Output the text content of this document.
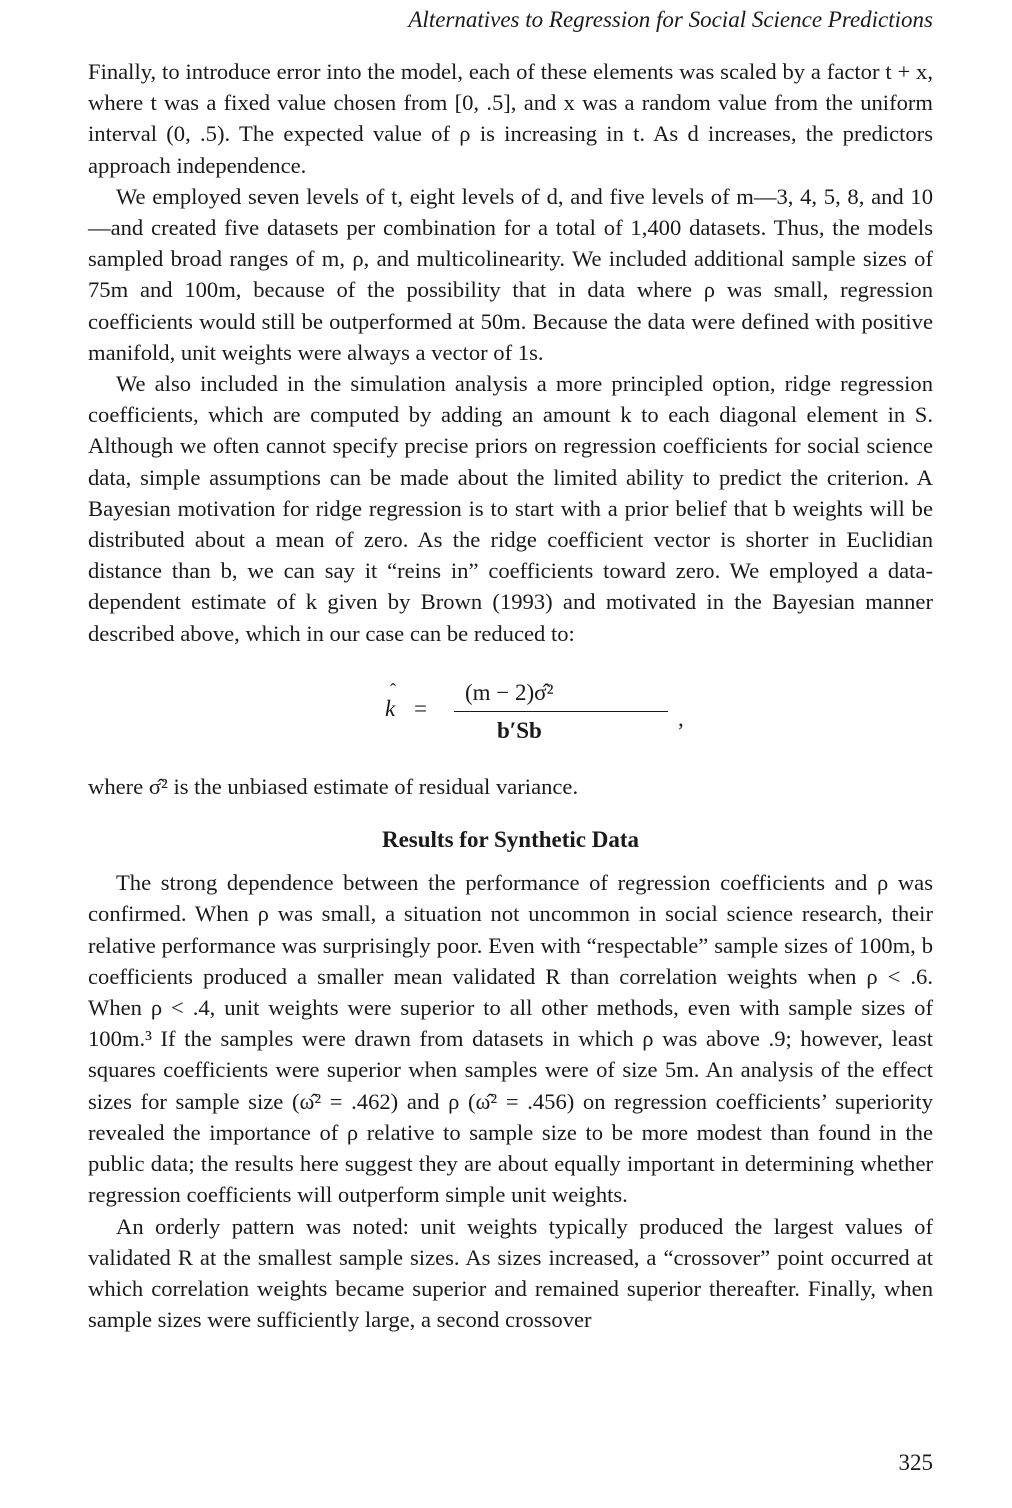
Alternatives to Regression for Social Science Predictions

Finally, to introduce error into the model, each of these elements was scaled by a factor t + x, where t was a fixed value chosen from [0, .5], and x was a random value from the uniform interval (0, .5). The expected value of ρ is increasing in t. As d increases, the predictors approach independence.

We employed seven levels of t, eight levels of d, and five levels of m—3, 4, 5, 8, and 10—and created five datasets per combination for a total of 1,400 datasets. Thus, the models sampled broad ranges of m, ρ, and multicolinearity. We included additional sample sizes of 75m and 100m, because of the possibility that in data where ρ was small, regression coefficients would still be outperformed at 50m. Because the data were defined with positive manifold, unit weights were always a vector of 1s.

We also included in the simulation analysis a more principled option, ridge regression coefficients, which are computed by adding an amount k to each diagonal element in S. Although we often cannot specify precise priors on regression coefficients for social science data, simple assumptions can be made about the limited ability to predict the criterion. A Bayesian motivation for ridge regression is to start with a prior belief that b weights will be distributed about a mean of zero. As the ridge coefficient vector is shorter in Euclidian distance than b, we can say it “reins in” coefficients toward zero. We employed a data-dependent estimate of k given by Brown (1993) and motivated in the Bayesian manner described above, which in our case can be reduced to:

ˆ
k =
(m − 2)σ̂²
b′Sb	,

where σ̂² is the unbiased estimate of residual variance.

Results for Synthetic Data

The strong dependence between the performance of regression coefficients and ρ was confirmed. When ρ was small, a situation not uncommon in social science research, their relative performance was surprisingly poor. Even with “respectable” sample sizes of 100m, b coefficients produced a smaller mean validated R than correlation weights when ρ < .6. When ρ < .4, unit weights were superior to all other methods, even with sample sizes of 100m.³ If the samples were drawn from datasets in which ρ was above .9; however, least squares coefficients were superior when samples were of size 5m. An analysis of the effect sizes for sample size (ω̂² = .462) and ρ (ω̂² = .456) on regression coefficients’ superiority revealed the importance of ρ relative to sample size to be more modest than found in the public data; the results here suggest they are about equally important in determining whether regression coefficients will outperform simple unit weights.

An orderly pattern was noted: unit weights typically produced the largest values of validated R at the smallest sample sizes. As sizes increased, a “crossover” point occurred at which correlation weights became superior and remained superior thereafter. Finally, when sample sizes were sufficiently large, a second crossover

325
